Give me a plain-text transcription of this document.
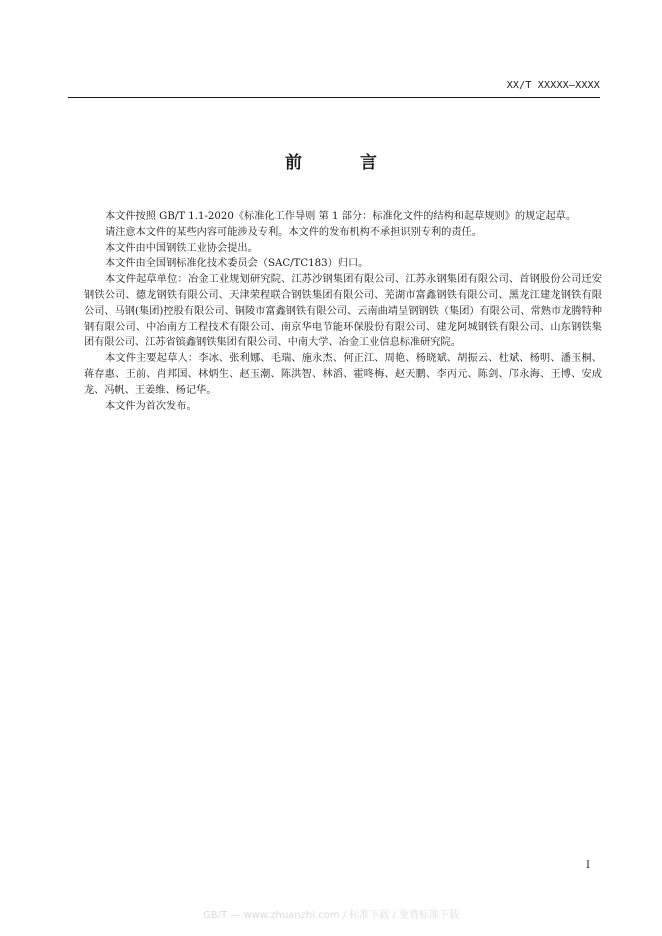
XX/T XXXXX—XXXX
前 言

本文件按照 GB/T 1.1-2020《标准化工作导则 第 1 部分：标准化文件的结构和起草规则》的规定起草。

请注意本文件的某些内容可能涉及专利。本文件的发布机构不承担识别专利的责任。

本文件由中国钢铁工业协会提出。

本文件由全国钢标准化技术委员会（SAC/TC183）归口。

本文件起草单位：冶金工业规划研究院、江苏沙钢集团有限公司、江苏永钢集团有限公司、首钢股份公司迁安钢铁公司、德龙钢铁有限公司、天津荣程联合钢铁集团有限公司、芜湖市富鑫钢铁有限公司、黑龙江建龙钢铁有限公司、马钢(集团)控股有限公司、铜陵市富鑫钢铁有限公司、云南曲靖呈钢钢铁（集团）有限公司、常熟市龙腾特种钢有限公司、中冶南方工程技术有限公司、南京华电节能环保股份有限公司、建龙阿城钢铁有限公司、山东钢铁集团有限公司、江苏省镔鑫钢铁集团有限公司、中南大学、冶金工业信息标准研究院。

本文件主要起草人：李冰、张利娜、毛瑞、施永杰、何正江、周艳、杨晓斌、胡振云、杜斌、杨明、潘玉桐、蒋存惠、王前、肖邦国、林炳生、赵玉潮、陈洪智、林滔、霍咚梅、赵天鹏、李丙元、陈剑、邝永海、王博、安成龙、冯帆、王姜维、杨记华。

本文件为首次发布。

I
GB/T — www.zhuanzhi.com / 标准下载 / 免费标准下载
